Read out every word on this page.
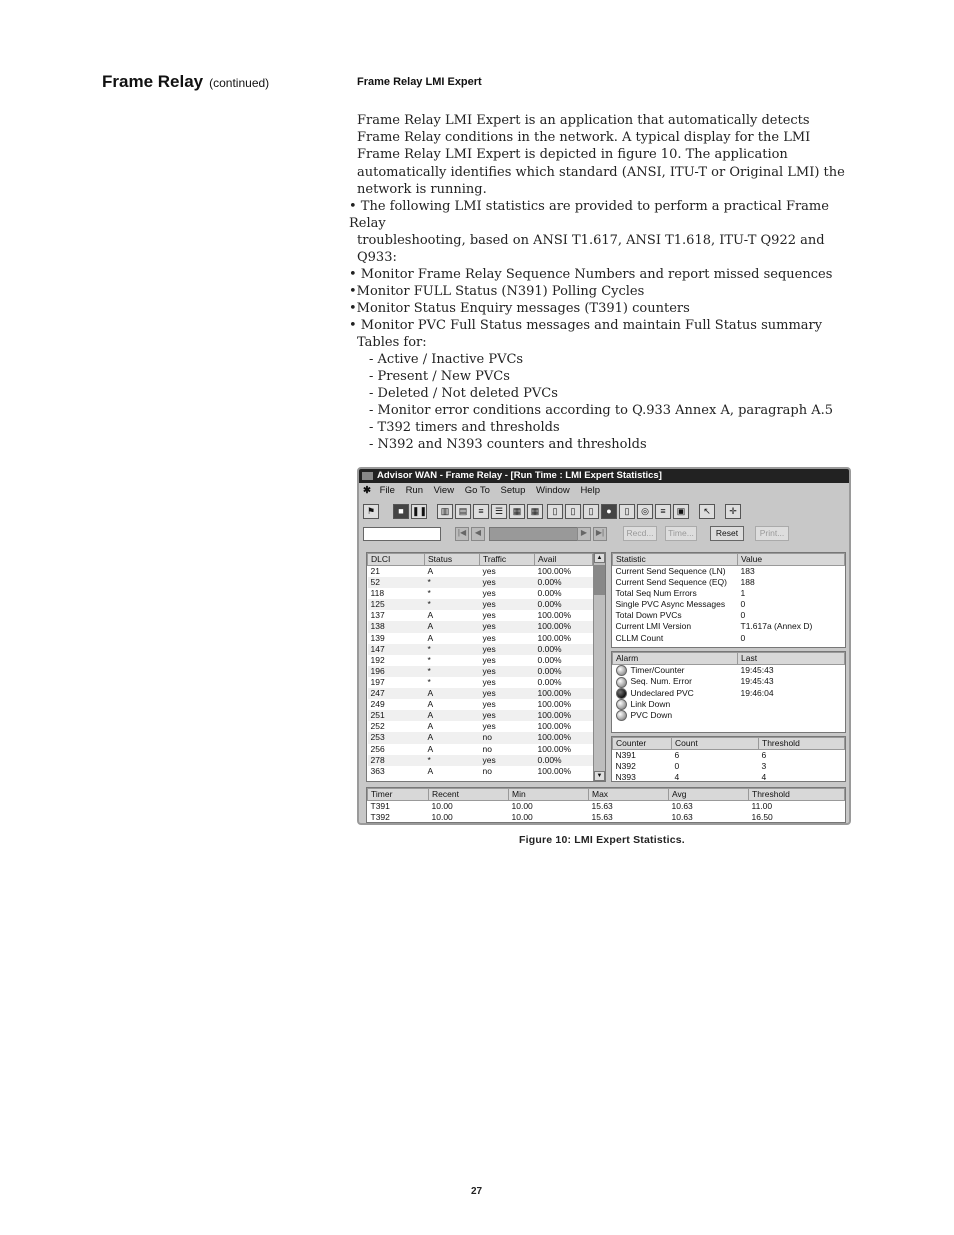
Frame Relay (continued)	Frame Relay LMI Expert
Frame Relay LMI Expert is an application that automatically detects Frame Relay conditions in the network. A typical display for the LMI Frame Relay LMI Expert is depicted in figure 10. The application automatically identifies which standard (ANSI, ITU-T or Original LMI) the network is running.
• The following LMI statistics are provided to perform a practical Frame Relay
troubleshooting, based on ANSI T1.617, ANSI T1.618, ITU-T Q922 and Q933:
• Monitor Frame Relay Sequence Numbers and report missed sequences
•Monitor FULL Status (N391) Polling Cycles
•Monitor Status Enquiry messages (T391) counters
• Monitor PVC Full Status messages and maintain Full Status summary
Tables for:
- Active / Inactive PVCs
- Present / New PVCs
- Deleted / Not deleted PVCs
- Monitor error conditions according to Q.933 Annex A, paragraph A.5
- T392 timers and thresholds
- N392 and N393 counters and thresholds
Advisor WAN - Frame Relay - [Run Time : LMI Expert Statistics]
✱ File Run View Go To Setup Window Help
⚑	■ ❚❚	▥	▤	≡	☰	▦	▦	▯	▯	▯	●	▯	◎	≡	▣	↖	✛
|◀	◀	▶	▶|	Recd...	Time...	Reset	Print...
DLCI	Status	Traffic	Avail
21	A	yes	100.00%
52	*	yes	0.00%
118	*	yes	0.00%
125	*	yes	0.00%
137	A	yes	100.00%
138	A	yes	100.00%
139	A	yes	100.00%
147	*	yes	0.00%
192	*	yes	0.00%
196	*	yes	0.00%
197	*	yes	0.00%
247	A	yes	100.00%
249	A	yes	100.00%
251	A	yes	100.00%
252	A	yes	100.00%
253	A	no	100.00%
256	A	no	100.00%
278	*	yes	0.00%
363	A	no	100.00%
▲
▼
Statistic	Value
Current Send Sequence (LN)	183
Current Send Sequence (EQ)	188
Total Seq Num Errors	1
Single PVC Async Messages	0
Total Down PVCs	0
Current LMI Version	T1.617a (Annex D)
CLLM Count	0
Alarm	Last
Timer/Counter	19:45:43
Seq. Num. Error	19:45:43
Undeclared PVC	19:46:04
Link Down	
PVC Down	
Counter	Count	Threshold
N391	6	6
N392	0	3
N393	4	4
Timer	Recent	Min	Max	Avg	Threshold
T391	10.00	10.00	15.63	10.63	11.00
T392	10.00	10.00	15.63	10.63	16.50
Figure 10: LMI Expert Statistics.
27
